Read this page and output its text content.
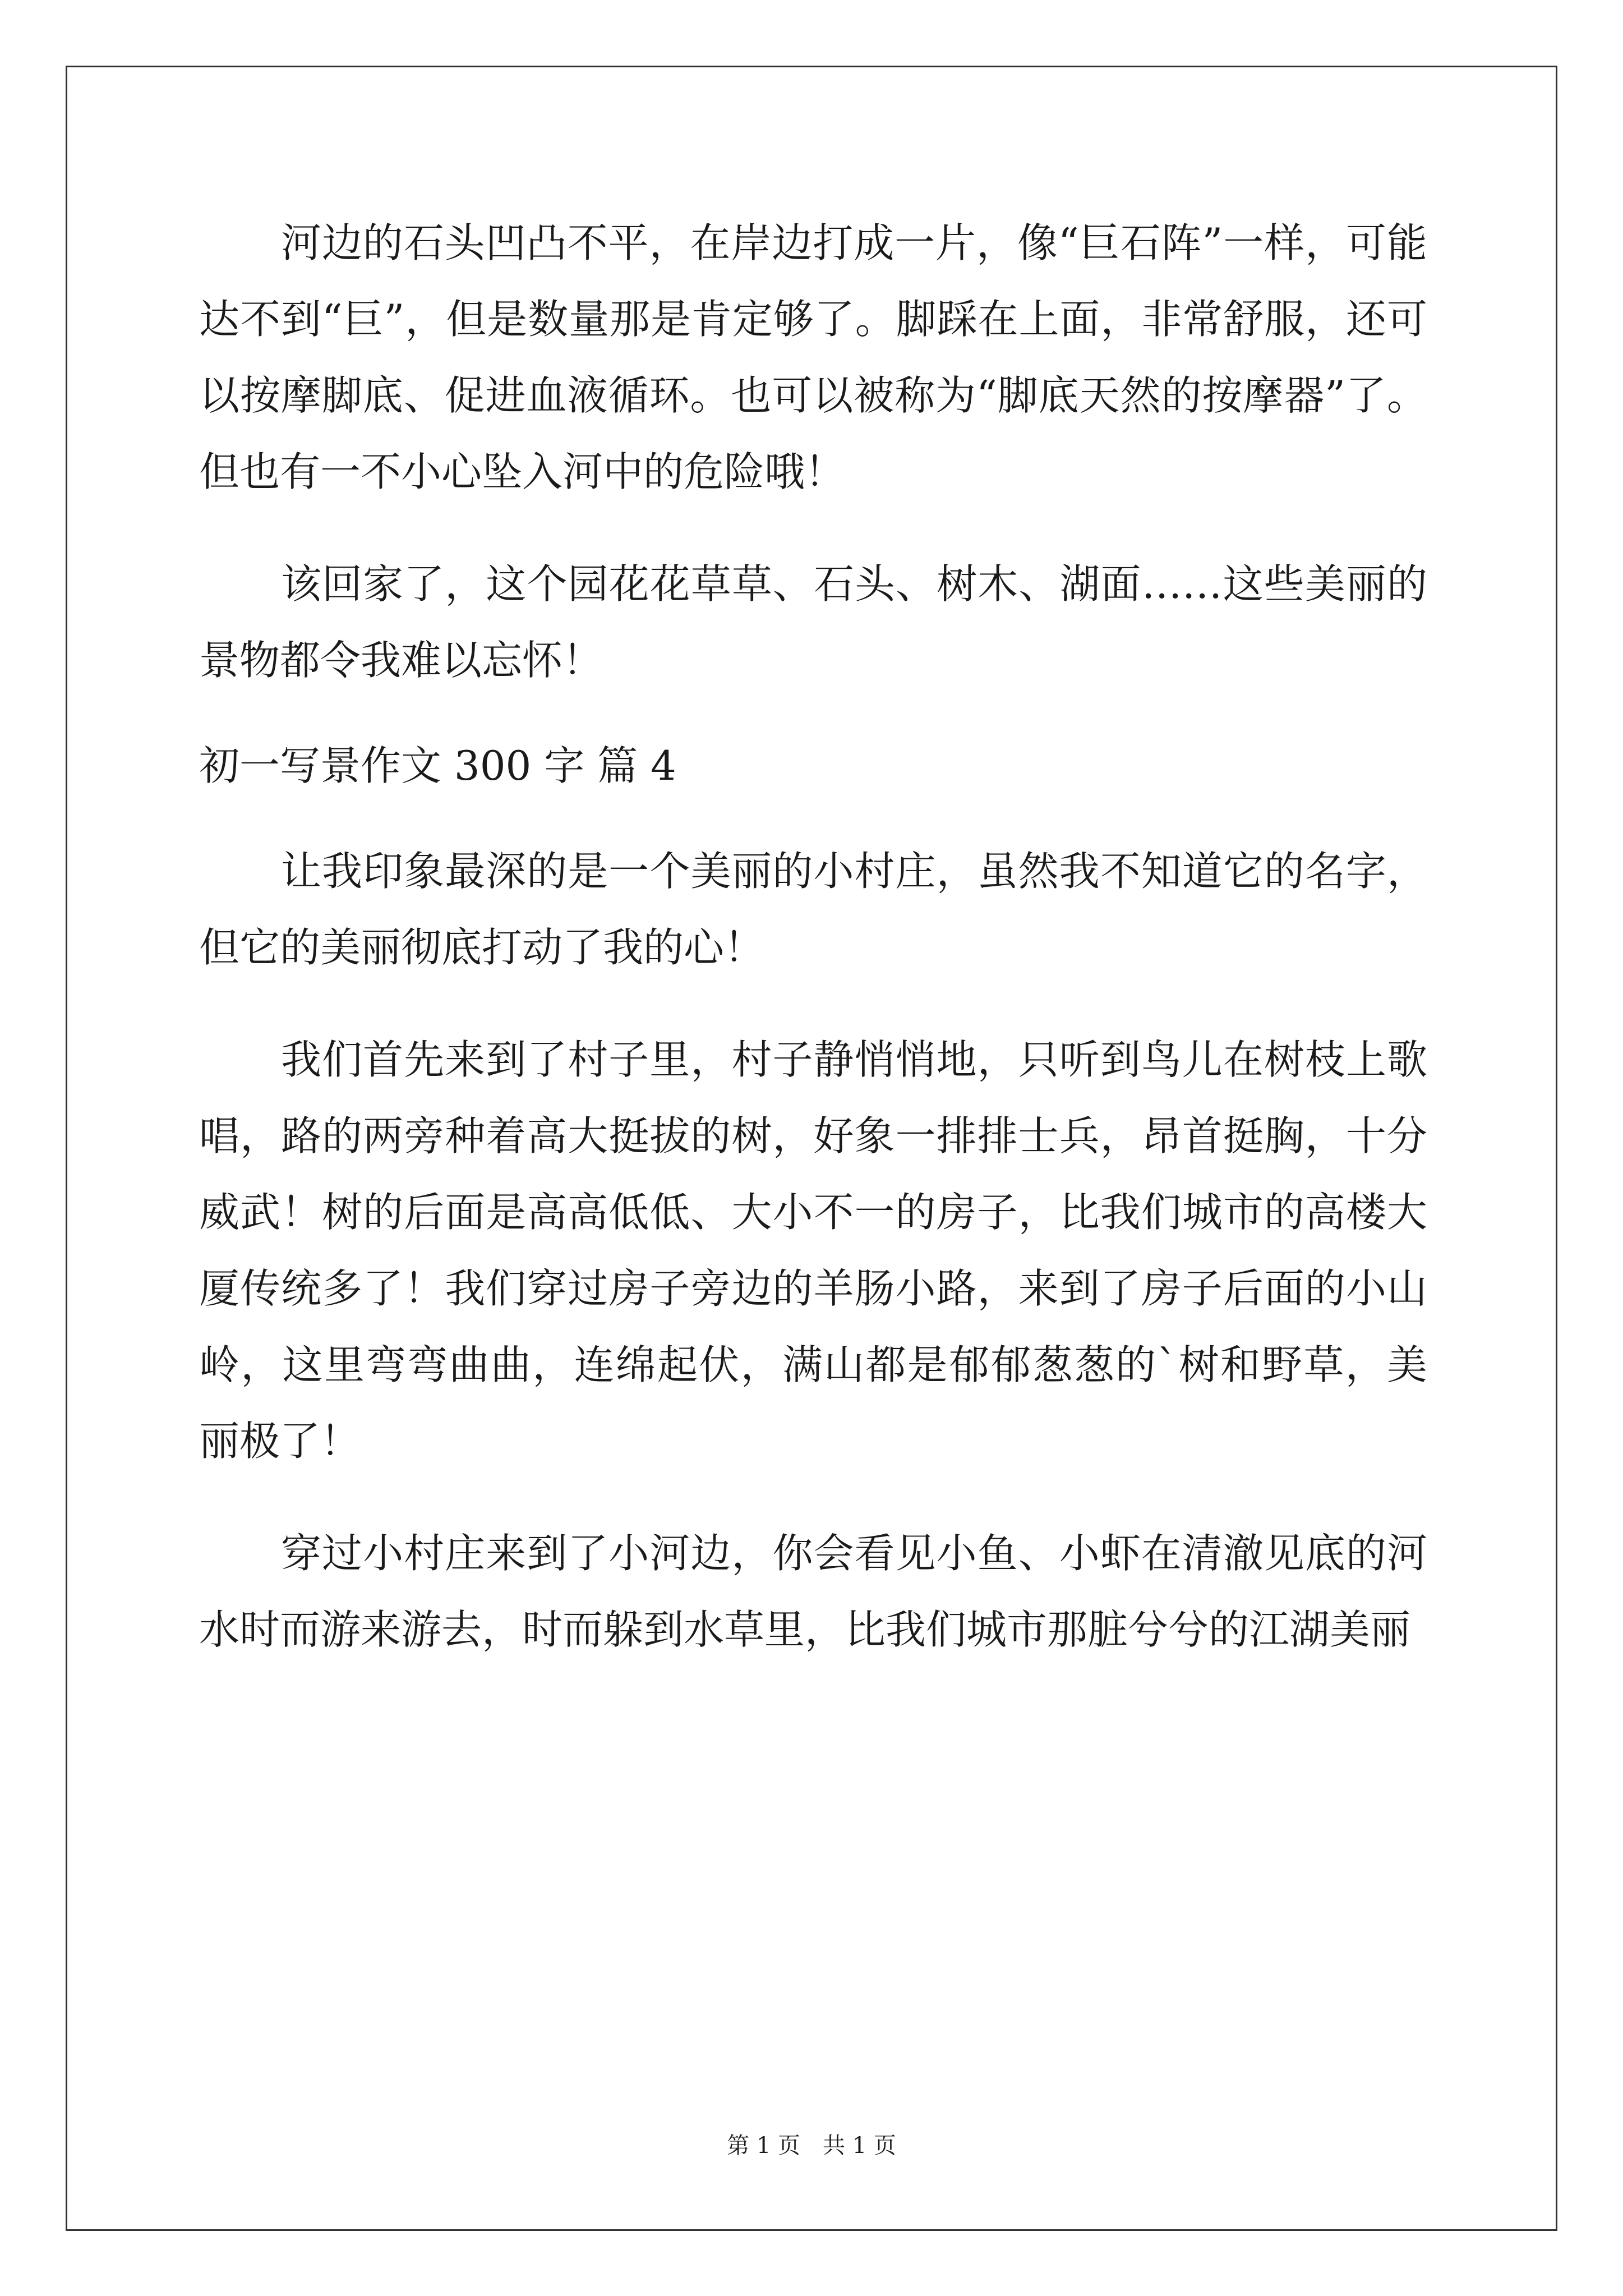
河边的石头凹凸不平，在岸边打成一片，像“巨石阵”一样，可能达不到“巨”，但是数量那是肯定够了。脚踩在上面，非常舒服，还可以按摩脚底、促进血液循环。也可以被称为“脚底天然的按摩器”了。但也有一不小心坠入河中的危险哦！

该回家了，这个园花花草草、石头、树木、湖面……这些美丽的景物都令我难以忘怀！

初一写景作文 300 字 篇 4

让我印象最深的是一个美丽的小村庄，虽然我不知道它的名字，但它的美丽彻底打动了我的心！

我们首先来到了村子里，村子静悄悄地，只听到鸟儿在树枝上歌唱，路的两旁种着高大挺拔的树，好象一排排士兵，昂首挺胸，十分威武！树的后面是高高低低、大小不一的房子，比我们城市的高楼大厦传统多了！我们穿过房子旁边的羊肠小路，来到了房子后面的小山岭，这里弯弯曲曲，连绵起伏，满山都是郁郁葱葱的`树和野草，美丽极了！

穿过小村庄来到了小河边，你会看见小鱼、小虾在清澈见底的河水时而游来游去，时而躲到水草里，比我们城市那脏兮兮的江湖美丽

第 1 页　共 1 页
